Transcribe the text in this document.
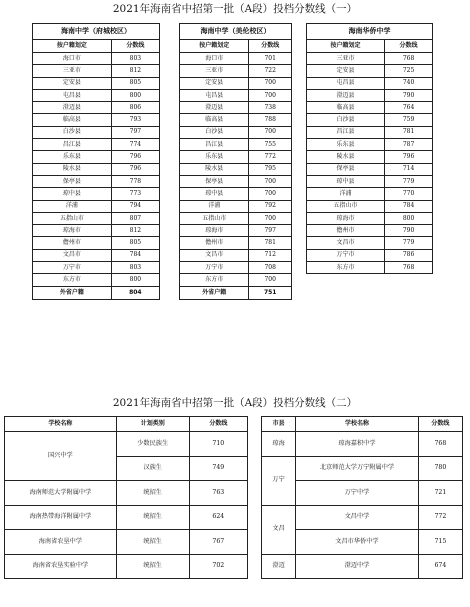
2021年海南省中招第一批（A段）投档分数线（一）
海南中学（府城校区）	
按户籍划定	分数线
海口市	803
三亚市	812
定安县	805
屯昌县	800
澄迈县	806
临高县	793
白沙县	797
昌江县	774
乐东县	796
陵水县	796
保亭县	778
琼中县	773
洋浦	794
五指山市	807
琼海市	812
儋州市	805
文昌市	784
万宁市	803
东方市	800
外省户籍	804
海南中学（美伦校区）	
按户籍划定	分数线
海口市	701
三亚市	722
定安县	700
屯昌县	700
澄迈县	738
临高县	788
白沙县	700
昌江县	755
乐东县	772
陵水县	795
保亭县	700
琼中县	700
洋浦	792
五指山市	700
琼海市	797
儋州市	781
文昌市	712
万宁市	708
东方市	700
外省户籍	751
海南华侨中学	
按户籍划定	分数线
三亚市	768
定安县	725
屯昌县	740
澄迈县	790
临高县	764
白沙县	759
昌江县	781
乐东县	787
陵水县	796
保亭县	714
琼中县	779
洋浦	770
五指山市	784
琼海市	800
儋州市	790
文昌市	779
万宁市	786
东方市	768
2021年海南省中招第一批（A段）投档分数线（二）
学校名称	计划类别	分数线
国兴中学	少数民族生	710
	汉族生	749
海南师范大学附属中学	统招生	763
海南热带海洋附属中学	统招生	624
海南省农垦中学	统招生	767
海南省农垦实验中学	统招生	702
市县	学校名称	分数线
琼海	琼海嘉积中学	768
万宁	北京师范大学万宁附属中学	780
	万宁中学	721
文昌	文昌中学	772
	文昌市华侨中学	715
澄迈	澄迈中学	674
